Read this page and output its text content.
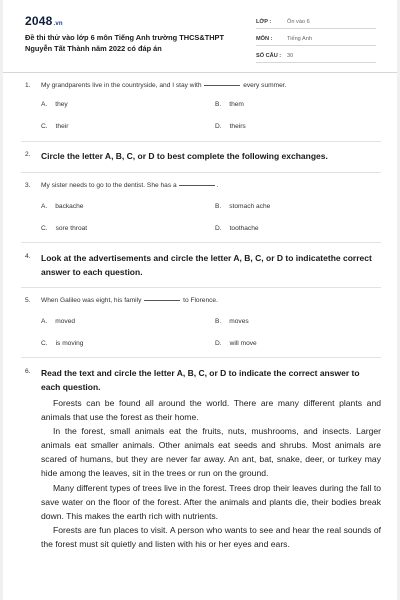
2048.vn
Đề thi thử vào lớp 6 môn Tiếng Anh trường THCS&THPT Nguyễn Tất Thành năm 2022 có đáp án
LỚP :	Ôn vào 6
MÔN :	Tiếng Anh
SỐ CÂU :	30
1. My grandparents live in the countryside, and I stay with	every summer.
A. they	B. them
C. their	D. theirs
2. Circle the letter A, B, C, or D to best complete the following exchanges.
3. My sister needs to go to the dentist. She has a	.
A. backache	B. stomach ache
C. sore throat	D. toothache
4. Look at the advertisements and circle the letter A, B, C, or D to indicatethe correct answer to each question.
5. When Galileo was eight, his family	to Florence.
A. moved	B. moves
C. is moving	D. will move
6. Read the text and circle the letter A, B, C, or D to indicate the correct answer to each question.

Forests can be found all around the world. There are many different plants and animals that use the forest as their home.

In the forest, small animals eat the fruits, nuts, mushrooms, and insects. Larger animals eat smaller animals. Other animals eat seeds and shrubs. Most animals are scared of humans, but they are never far away. An ant, bat, snake, deer, or turkey may hide among the leaves, sit in the trees or run on the ground.

Many different types of trees live in the forest. Trees drop their leaves during the fall to save water on the floor of the forest. After the animals and plants die, their bodies break down. This makes the earth rich with nutrients.

Forests are fun places to visit. A person who wants to see and hear the real sounds of the forest must sit quietly and listen with his or her eyes and ears.
